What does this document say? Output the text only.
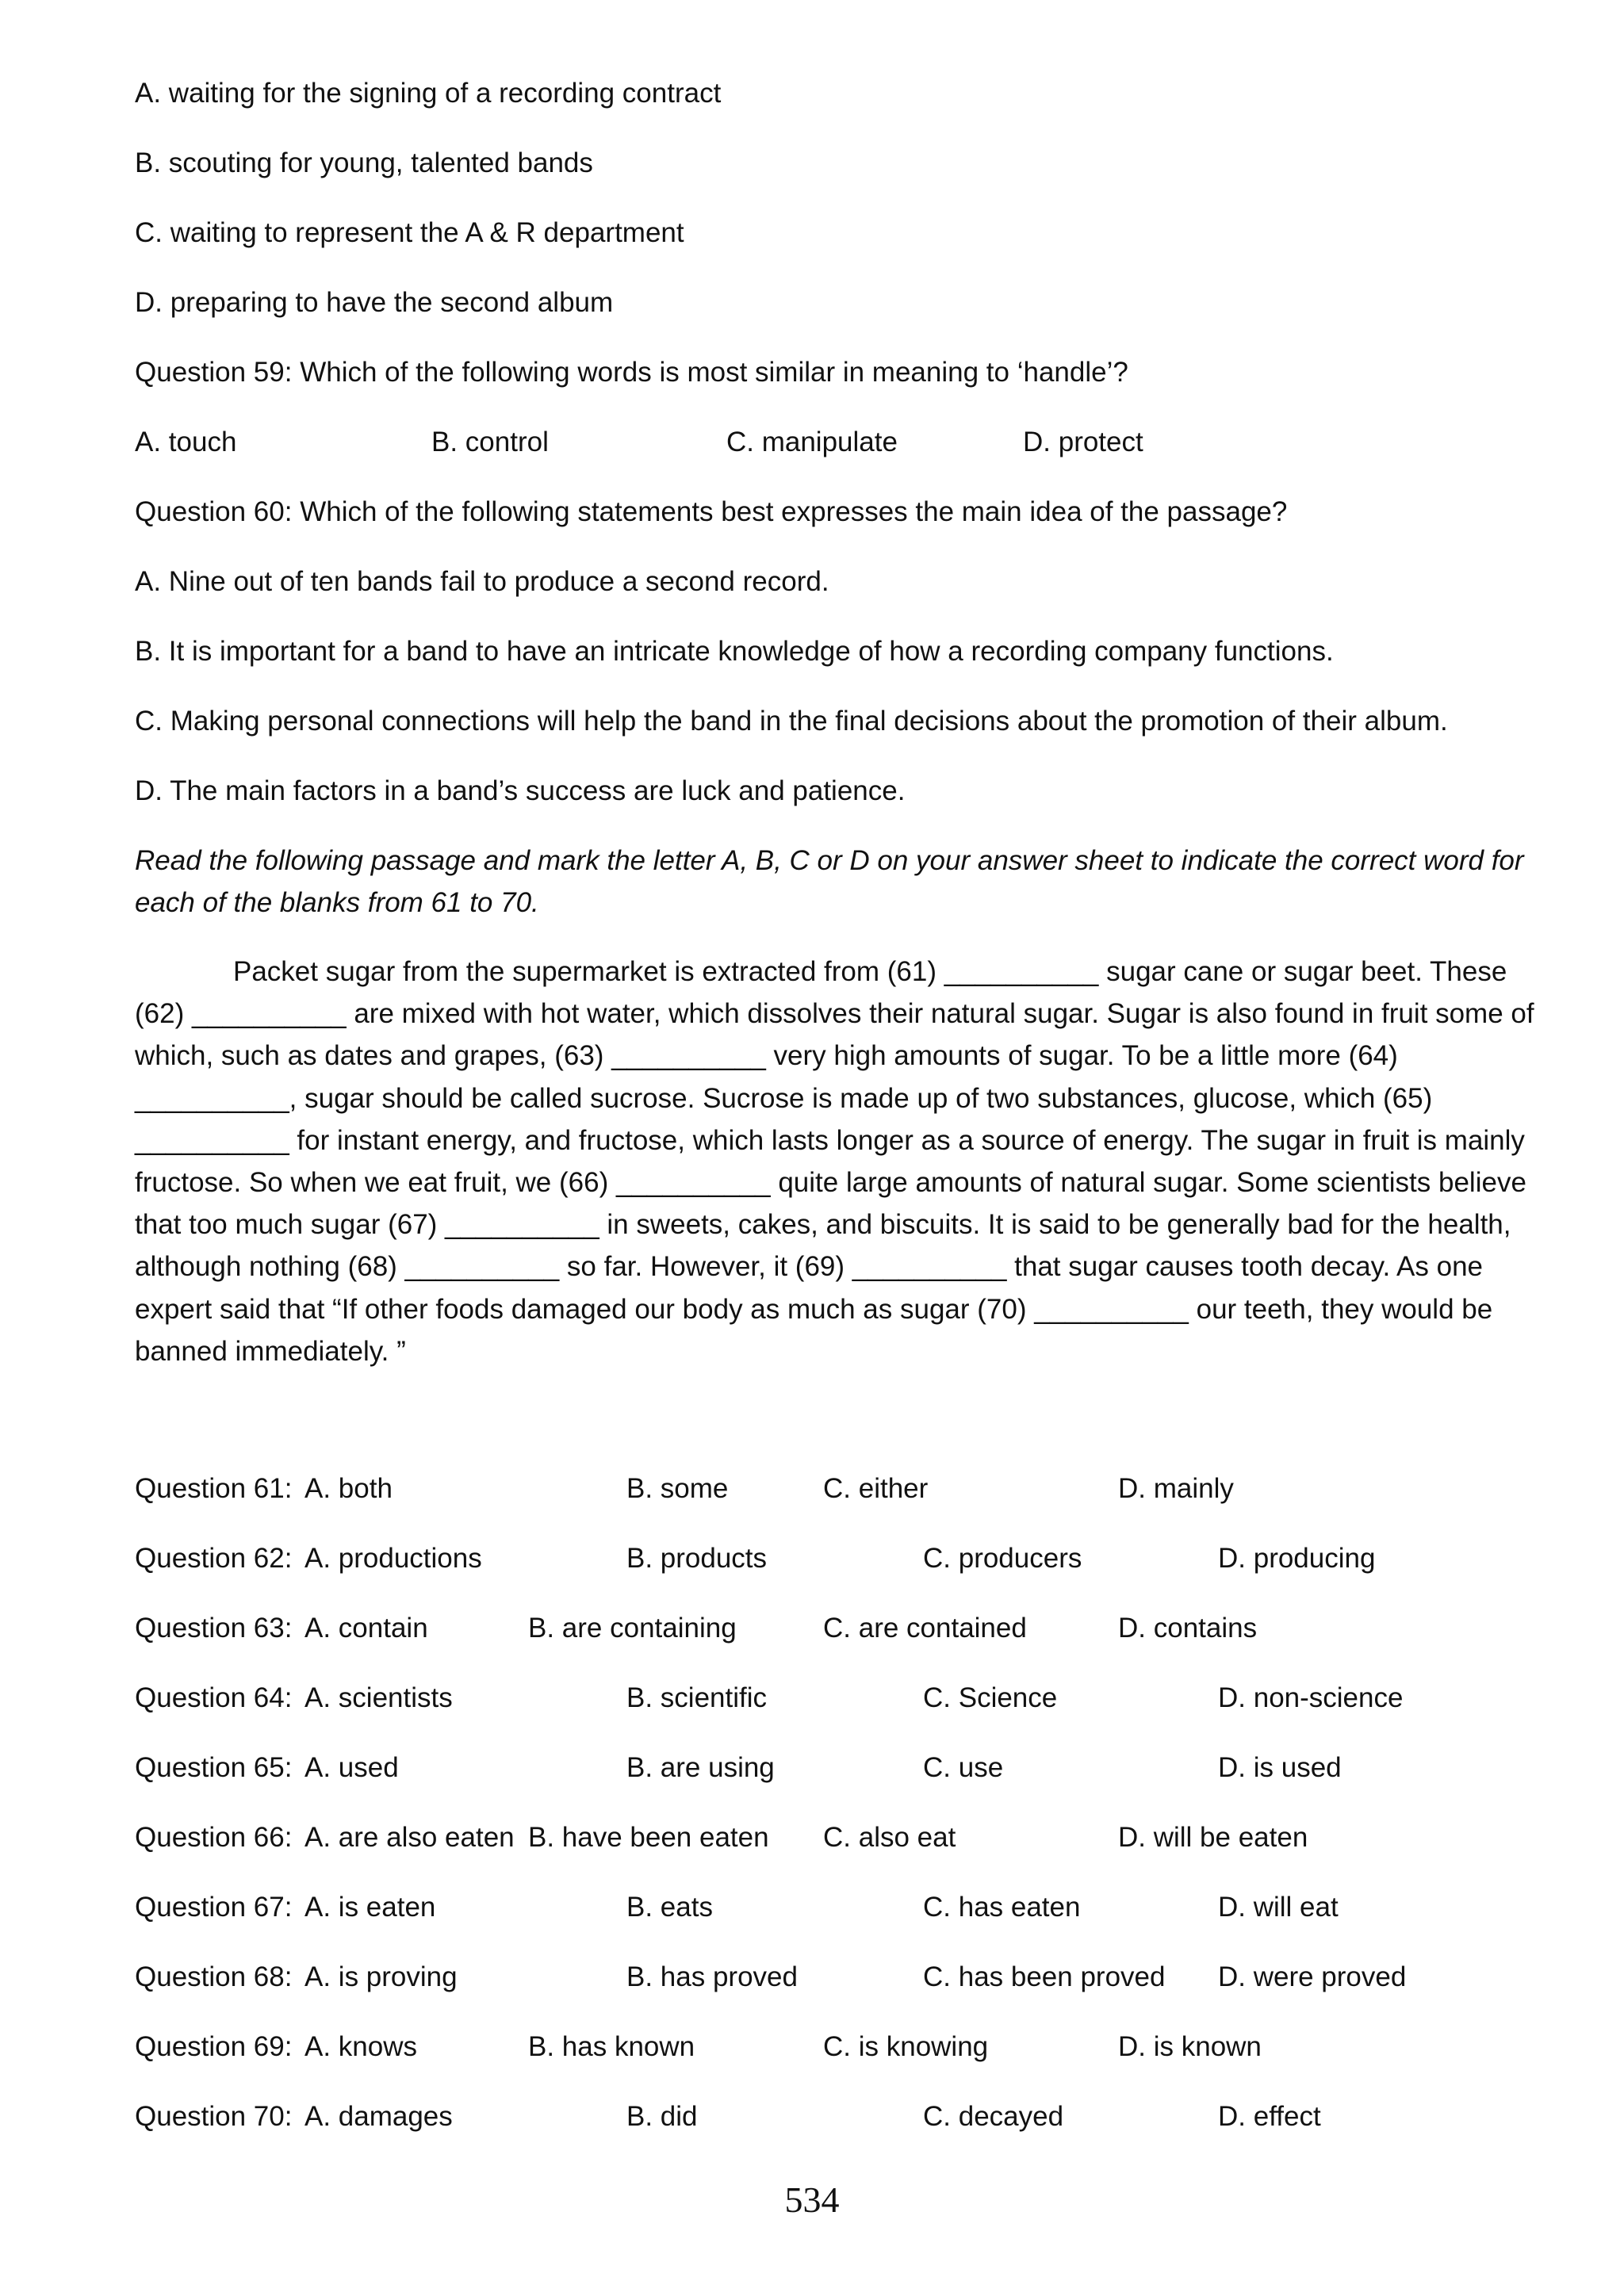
A. waiting for the signing of a recording contract
B. scouting for young, talented bands
C. waiting to represent the A & R department
D. preparing to have the second album
Question 59: Which of the following words is most similar in meaning to ‘handle’?
A. touch	B. control	C. manipulate	D. protect
Question 60: Which of the following statements best expresses the main idea of the passage?
A. Nine out of ten bands fail to produce a second record.
B. It is important for a band to have an intricate knowledge of how a recording company functions.
C. Making personal connections will help the band in the final decisions about the promotion of their album.
D. The main factors in a band’s success are luck and patience.
Read the following passage and mark the letter A, B, C or D on your answer sheet to indicate the correct word for
each of the blanks from 61 to 70.
Packet sugar from the supermarket is extracted from (61) __________ sugar cane or sugar beet. These
(62) __________ are mixed with hot water, which dissolves their natural sugar. Sugar is also found in fruit some of
which, such as dates and grapes, (63) __________ very high amounts of sugar. To be a little more (64)
__________, sugar should be called sucrose. Sucrose is made up of two substances, glucose, which (65)
__________ for instant energy, and fructose, which lasts longer as a source of energy. The sugar in fruit is mainly
fructose. So when we eat fruit, we (66) __________ quite large amounts of natural sugar. Some scientists believe
that too much sugar (67) __________ in sweets, cakes, and biscuits. It is said to be generally bad for the health,
although nothing (68) __________ so far. However, it (69) __________ that sugar causes tooth decay. As one
expert said that “If other foods damaged our body as much as sugar (70) __________ our teeth, they would be
banned immediately. ”
Question 61: A. both	B. some	C. either	D. mainly
Question 62: A. productions	B. products	C. producers	D. producing
Question 63: A. contain	B. are containing	C. are contained	D. contains
Question 64: A. scientists	B. scientific	C. Science	D. non-science
Question 65: A. used	B. are using	C. use	D. is used
Question 66: A. are also eaten B. have been eaten C. also eat	D. will be eaten
Question 67: A. is eaten	B. eats	C. has eaten	D. will eat
Question 68: A. is proving	B. has proved	C. has been proved D. were proved
Question 69: A. knows	B. has known	C. is knowing	D. is known
Question 70: A. damages	B. did	C. decayed	D. effect
534
